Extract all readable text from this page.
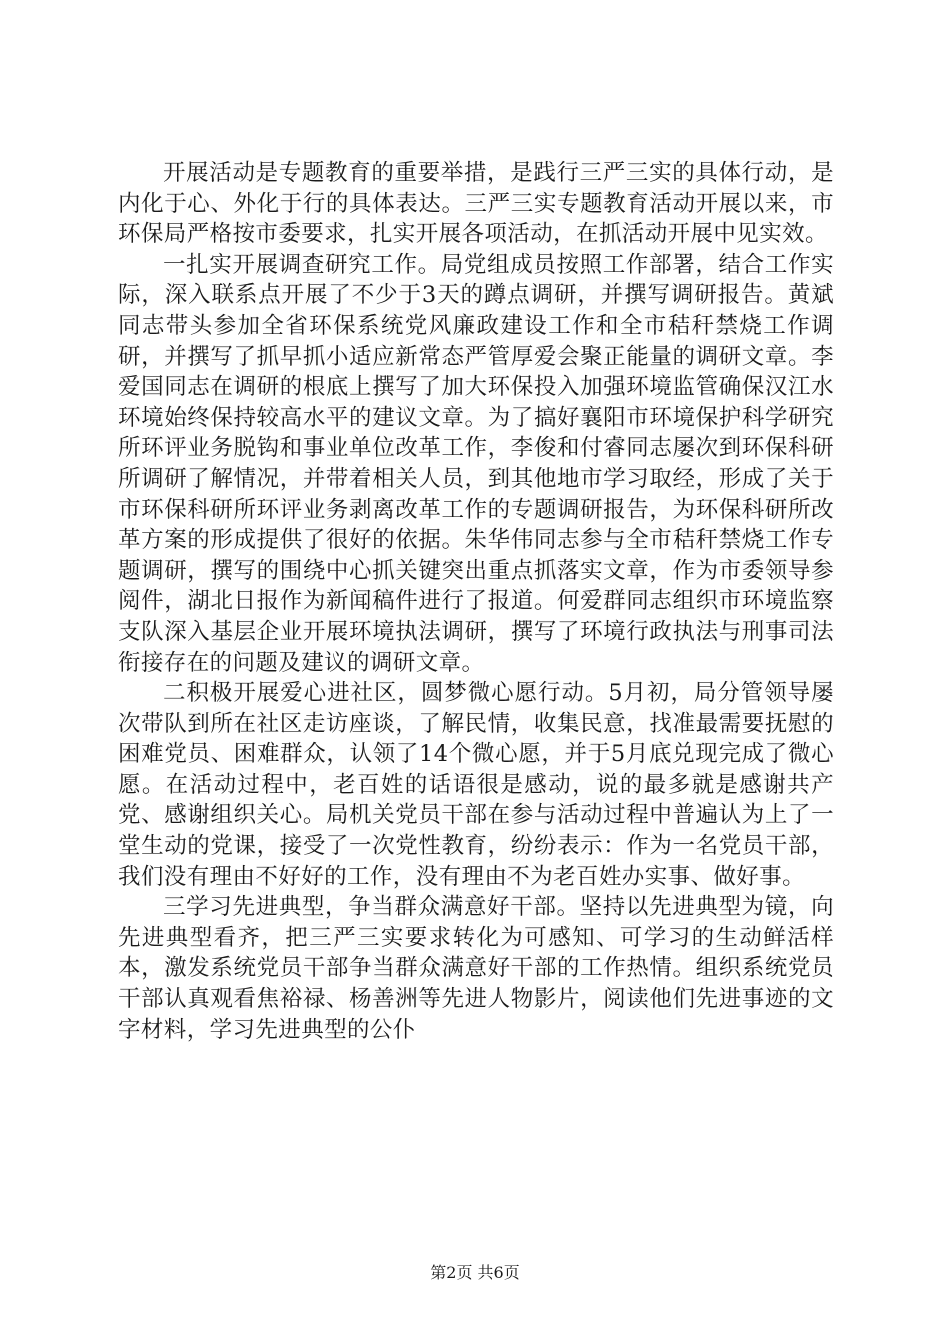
开展活动是专题教育的重要举措，是践行三严三实的具体行动，是内化于心、外化于行的具体表达。三严三实专题教育活动开展以来，市环保局严格按市委要求，扎实开展各项活动，在抓活动开展中见实效。

一扎实开展调查研究工作。局党组成员按照工作部署，结合工作实际，深入联系点开展了不少于3天的蹲点调研，并撰写调研报告。黄斌同志带头参加全省环保系统党风廉政建设工作和全市秸秆禁烧工作调研，并撰写了抓早抓小适应新常态严管厚爱会聚正能量的调研文章。李爱国同志在调研的根底上撰写了加大环保投入加强环境监管确保汉江水环境始终保持较高水平的建议文章。为了搞好襄阳市环境保护科学研究所环评业务脱钩和事业单位改革工作，李俊和付睿同志屡次到环保科研所调研了解情况，并带着相关人员，到其他地市学习取经，形成了关于市环保科研所环评业务剥离改革工作的专题调研报告，为环保科研所改革方案的形成提供了很好的依据。朱华伟同志参与全市秸秆禁烧工作专题调研，撰写的围绕中心抓关键突出重点抓落实文章，作为市委领导参阅件，湖北日报作为新闻稿件进行了报道。何爱群同志组织市环境监察支队深入基层企业开展环境执法调研，撰写了环境行政执法与刑事司法衔接存在的问题及建议的调研文章。

二积极开展爱心进社区，圆梦微心愿行动。5月初，局分管领导屡次带队到所在社区走访座谈，了解民情，收集民意，找准最需要抚慰的困难党员、困难群众，认领了14个微心愿，并于5月底兑现完成了微心愿。在活动过程中，老百姓的话语很是感动，说的最多就是感谢共产党、感谢组织关心。局机关党员干部在参与活动过程中普遍认为上了一堂生动的党课，接受了一次党性教育，纷纷表示：作为一名党员干部，我们没有理由不好好的工作，没有理由不为老百姓办实事、做好事。

三学习先进典型，争当群众满意好干部。坚持以先进典型为镜，向先进典型看齐，把三严三实要求转化为可感知、可学习的生动鲜活样本，激发系统党员干部争当群众满意好干部的工作热情。组织系统党员干部认真观看焦裕禄、杨善洲等先进人物影片，阅读他们先进事迹的文字材料，学习先进典型的公仆

第2页 共6页
